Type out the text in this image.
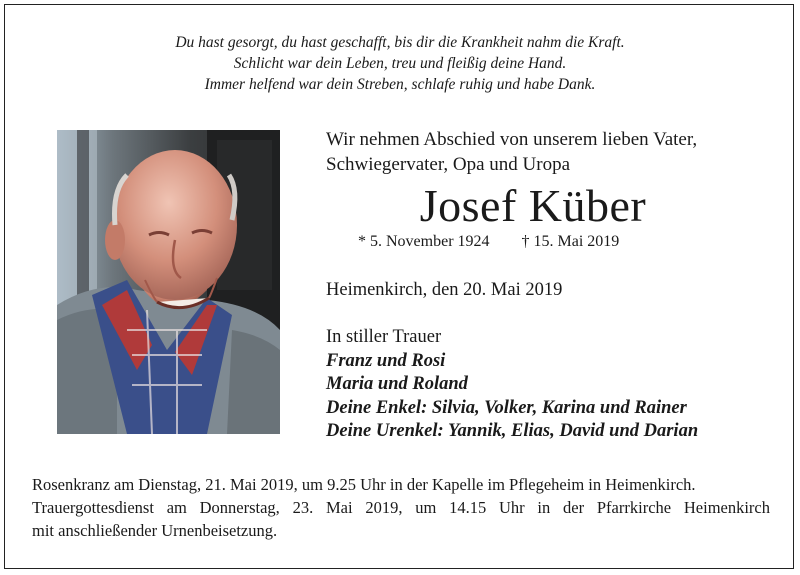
Du hast gesorgt, du hast geschafft, bis dir die Krankheit nahm die Kraft.
Schlicht war dein Leben, treu und fleißig deine Hand.
Immer helfend war dein Streben, schlafe ruhig und habe Dank.
Wir nehmen Abschied von unserem lieben Vater,
Schwiegervater, Opa und Uropa
Josef Küber
* 5. November 1924 † 15. Mai 2019
Heimenkirch, den 20. Mai 2019
In stiller Trauer
Franz und Rosi
Maria und Roland
Deine Enkel: Silvia, Volker, Karina und Rainer
Deine Urenkel: Yannik, Elias, David und Darian
Rosenkranz am Dienstag, 21. Mai 2019, um 9.25 Uhr in der Kapelle im Pflegeheim in Heimenkirch.
Trauergottesdienst am Donnerstag, 23. Mai 2019, um 14.15 Uhr in der Pfarrkirche Heimenkirch
mit anschließender Urnenbeisetzung.
